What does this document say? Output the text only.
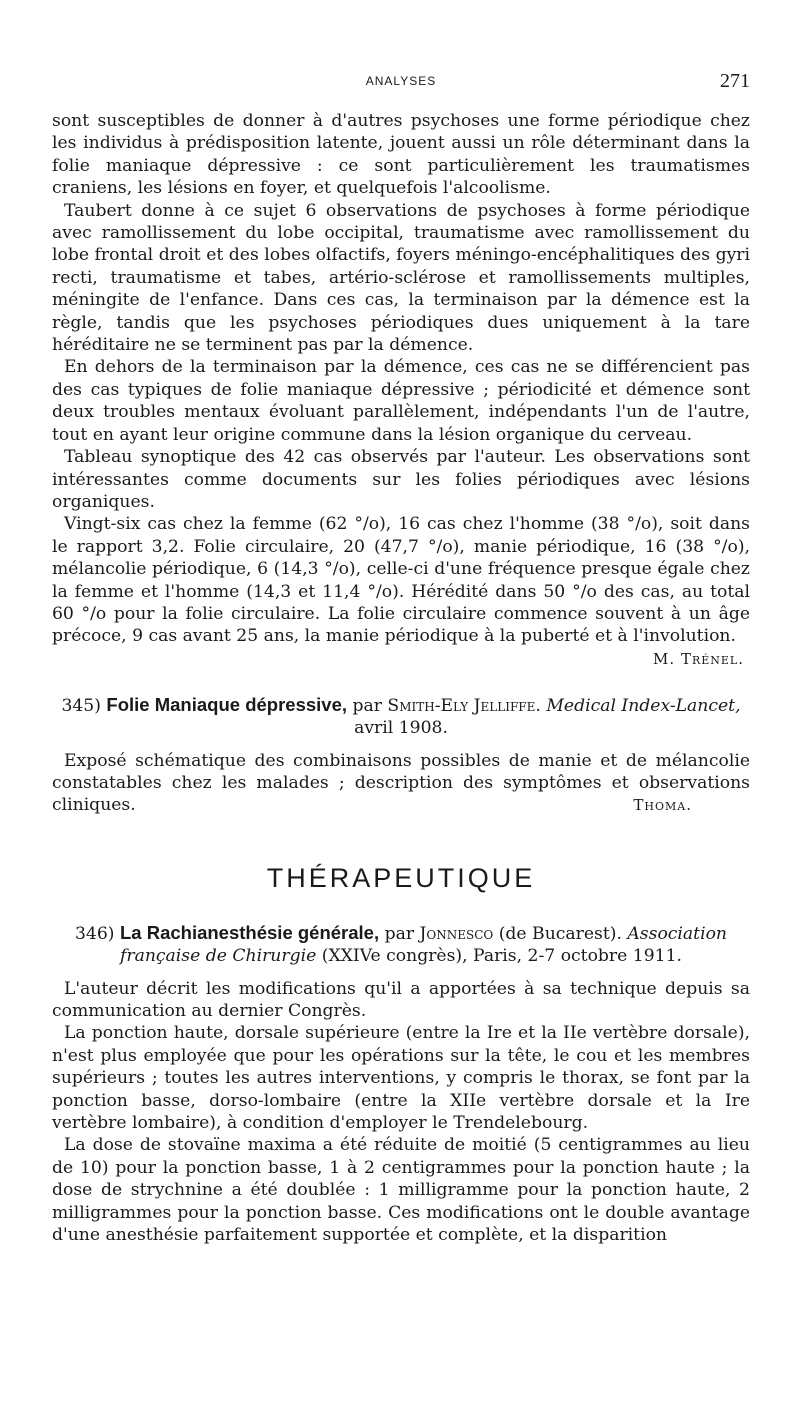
ANALYSES	271

sont susceptibles de donner à d'autres psychoses une forme périodique chez les individus à prédisposition latente, jouent aussi un rôle déterminant dans la folie maniaque dépressive : ce sont particulièrement les traumatismes craniens, les lésions en foyer, et quelquefois l'alcoolisme.

Taubert donne à ce sujet 6 observations de psychoses à forme périodique avec ramollissement du lobe occipital, traumatisme avec ramollissement du lobe frontal droit et des lobes olfactifs, foyers méningo-encéphalitiques des gyri recti, traumatisme et tabes, artério-sclérose et ramollissements multiples, méningite de l'enfance. Dans ces cas, la terminaison par la démence est la règle, tandis que les psychoses périodiques dues uniquement à la tare héréditaire ne se terminent pas par la démence.

En dehors de la terminaison par la démence, ces cas ne se différencient pas des cas typiques de folie maniaque dépressive ; périodicité et démence sont deux troubles mentaux évoluant parallèlement, indépendants l'un de l'autre, tout en ayant leur origine commune dans la lésion organique du cerveau.

Tableau synoptique des 42 cas observés par l'auteur. Les observations sont intéressantes comme documents sur les folies périodiques avec lésions organiques.

Vingt-six cas chez la femme (62 °/o), 16 cas chez l'homme (38 °/o), soit dans le rapport 3,2. Folie circulaire, 20 (47,7 °/o), manie périodique, 16 (38 °/o), mélancolie périodique, 6 (14,3 °/o), celle-ci d'une fréquence presque égale chez la femme et l'homme (14,3 et 11,4 °/o). Hérédité dans 50 °/o des cas, au total 60 °/o pour la folie circulaire. La folie circulaire commence souvent à un âge précoce, 9 cas avant 25 ans, la manie périodique à la puberté et à l'involution.

M. Trénel.
345) Folie Maniaque dépressive, par Smith-Ely Jelliffe. Medical Index-Lancet, avril 1908.

Exposé schématique des combinaisons possibles de manie et de mélancolie constatables chez les malades ; description des symptômes et observations cliniques.	Thoma.

THÉRAPEUTIQUE
346) La Rachianesthésie générale, par Jonnesco (de Bucarest). Association française de Chirurgie (XXIVe congrès), Paris, 2-7 octobre 1911.

L'auteur décrit les modifications qu'il a apportées à sa technique depuis sa communication au dernier Congrès.

La ponction haute, dorsale supérieure (entre la Ire et la IIe vertèbre dorsale), n'est plus employée que pour les opérations sur la tête, le cou et les membres supérieurs ; toutes les autres interventions, y compris le thorax, se font par la ponction basse, dorso-lombaire (entre la XIIe vertèbre dorsale et la Ire vertèbre lombaire), à condition d'employer le Trendelebourg.

La dose de stovaïne maxima a été réduite de moitié (5 centigrammes au lieu de 10) pour la ponction basse, 1 à 2 centigrammes pour la ponction haute ; la dose de strychnine a été doublée : 1 milligramme pour la ponction haute, 2 milligrammes pour la ponction basse. Ces modifications ont le double avantage d'une anesthésie parfaitement supportée et complète, et la disparition
